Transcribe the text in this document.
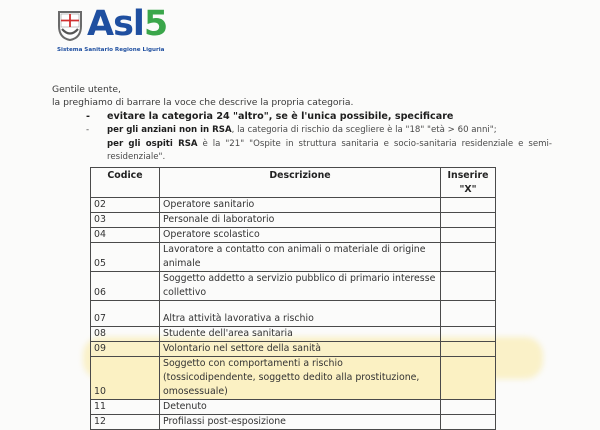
Asl5
Sistema Sanitario Regione Liguria
Gentile utente,
la preghiamo di barrare la voce che descrive la propria categoria.
- evitare la categoria 24 "altro", se è l'unica possibile, specificare
- per gli anziani non in RSA, la categoria di rischio da scegliere è la "18" "età > 60 anni";
per gli ospiti RSA è la "21" "Ospite in struttura sanitaria e socio-sanitaria residenziale e semi-residenziale".
Codice	Descrizione	Inserire
"X"
02	Operatore sanitario	
03	Personale di laboratorio	
04	Operatore scolastico	
05	Lavoratore a contatto con animali o materiale di origine animale	
06	Soggetto addetto a servizio pubblico di primario interesse collettivo	
07	Altra attività lavorativa a rischio	
08	Studente dell'area sanitaria	
09	Volontario nel settore della sanità	
10	Soggetto con comportamenti a rischio (tossicodipendente, soggetto dedito alla prostituzione, omosessuale)	
11	Detenuto	
12	Profilassi post-esposizione	
